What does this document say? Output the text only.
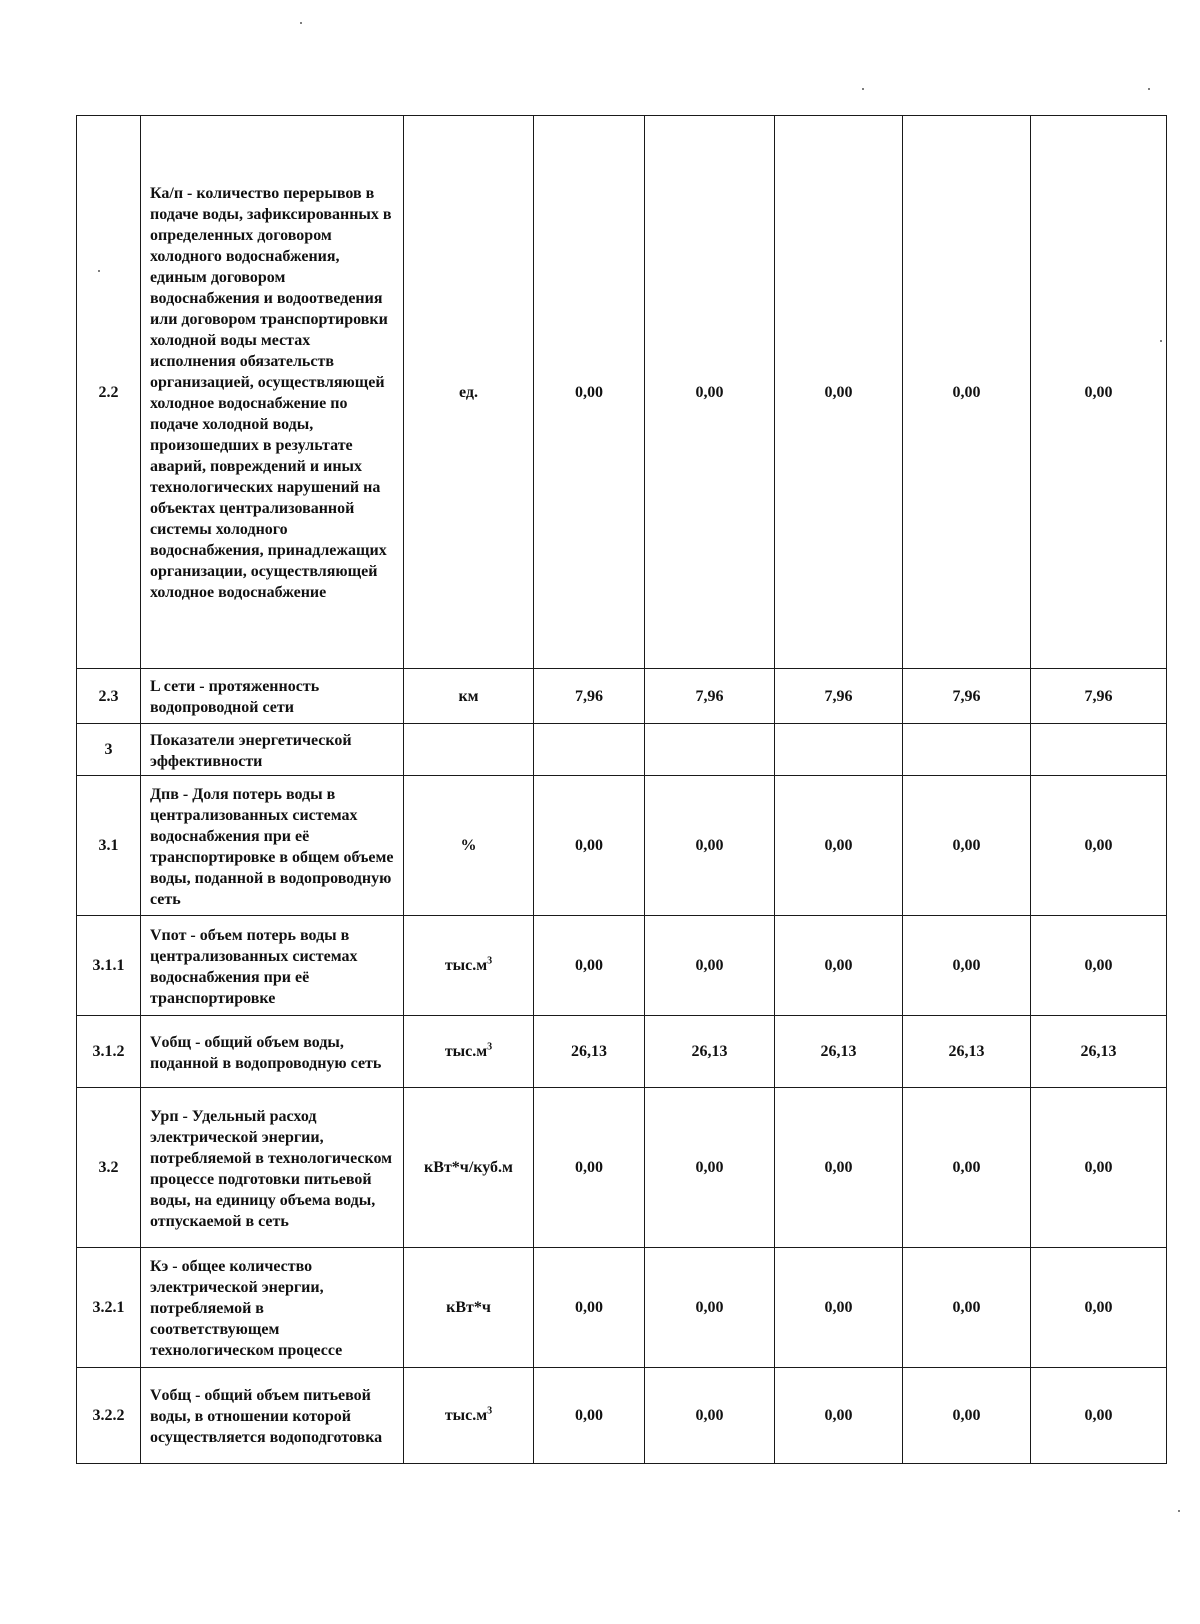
2.2	Ка/п - количество перерывов в подаче воды, зафиксированных в определенных договором холодного водоснабжения, единым договором водоснабжения и водоотведения или договором транспортировки холодной воды местах исполнения обязательств организацией, осуществляющей холодное водоснабжение по подаче холодной воды, произошедших в результате аварий, повреждений и иных технологических нарушений на объектах централизованной системы холодного водоснабжения, принадлежащих организации, осуществляющей холодное водоснабжение	ед.	0,00	0,00	0,00	0,00	0,00
2.3	L сети - протяженность водопроводной сети	км	7,96	7,96	7,96	7,96	7,96
3	Показатели энергетической эффективности						
3.1	Дпв - Доля потерь воды в централизованных системах водоснабжения при её транспортировке в общем объеме воды, поданной в водопроводную сеть	%	0,00	0,00	0,00	0,00	0,00
3.1.1	Vпот - объем потерь воды в централизованных системах водоснабжения при её транспортировке	$тыс.м^3$	0,00	0,00	0,00	0,00	0,00
3.1.2	Vобщ - общий объем воды, поданной в водопроводную сеть	$тыс.м^3$	26,13	26,13	26,13	26,13	26,13
3.2	Урп - Удельный расход электрической энергии, потребляемой в технологическом процессе подготовки питьевой воды, на единицу объема воды, отпускаемой в сеть	кВт*ч/куб.м	0,00	0,00	0,00	0,00	0,00
3.2.1	Кэ - общее количество электрической энергии, потребляемой в соответствующем технологическом процессе	кВт*ч	0,00	0,00	0,00	0,00	0,00
3.2.2	Vобщ - общий объем питьевой воды, в отношении которой осуществляется водоподготовка	$тыс.м^3$	0,00	0,00	0,00	0,00	0,00
